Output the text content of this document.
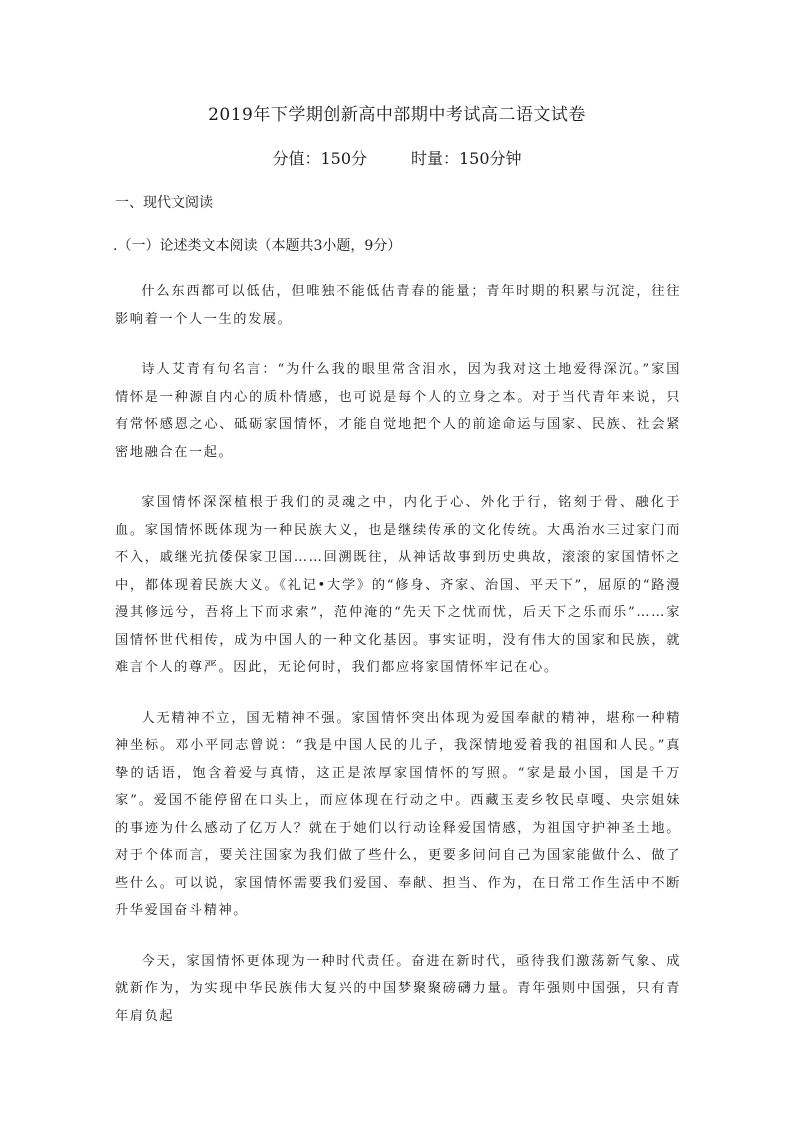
2019年下学期创新高中部期中考试高二语文试卷
分值：150分	时量：150分钟
一、现代文阅读
.（一）论述类文本阅读（本题共3小题，9分）

什么东西都可以低估，但唯独不能低估青春的能量；青年时期的积累与沉淀，往往影响着一个人一生的发展。

诗人艾青有句名言：“为什么我的眼里常含泪水，因为我对这土地爱得深沉。”家国情怀是一种源自内心的质朴情感，也可说是每个人的立身之本。对于当代青年来说，只有常怀感恩之心、砥砺家国情怀，才能自觉地把个人的前途命运与国家、民族、社会紧密地融合在一起。

家国情怀深深植根于我们的灵魂之中，内化于心、外化于行，铭刻于骨、融化于血。家国情怀既体现为一种民族大义，也是继续传承的文化传统。大禹治水三过家门而不入，戚继光抗倭保家卫国……回溯既往，从神话故事到历史典故，滚滚的家国情怀之中，都体现着民族大义。《礼记•大学》的“修身、齐家、治国、平天下”，屈原的“路漫漫其修远兮，吾将上下而求索”，范仲淹的“先天下之忧而忧，后天下之乐而乐”……家国情怀世代相传，成为中国人的一种文化基因。事实证明，没有伟大的国家和民族，就难言个人的尊严。因此，无论何时，我们都应将家国情怀牢记在心。

人无精神不立，国无精神不强。家国情怀突出体现为爱国奉献的精神，堪称一种精神坐标。邓小平同志曾说：“我是中国人民的儿子，我深情地爱着我的祖国和人民。”真挚的话语，饱含着爱与真情，这正是浓厚家国情怀的写照。“家是最小国，国是千万家”。爱国不能停留在口头上，而应体现在行动之中。西藏玉麦乡牧民卓嘎、央宗姐妹的事迹为什么感动了亿万人？就在于她们以行动诠释爱国情感，为祖国守护神圣土地。对于个体而言，要关注国家为我们做了些什么，更要多问问自己为国家能做什么、做了些什么。可以说，家国情怀需要我们爱国、奉献、担当、作为，在日常工作生活中不断升华爱国奋斗精神。

今天，家国情怀更体现为一种时代责任。奋进在新时代，亟待我们激荡新气象、成就新作为，为实现中华民族伟大复兴的中国梦聚聚磅礴力量。青年强则中国强，只有青年肩负起
